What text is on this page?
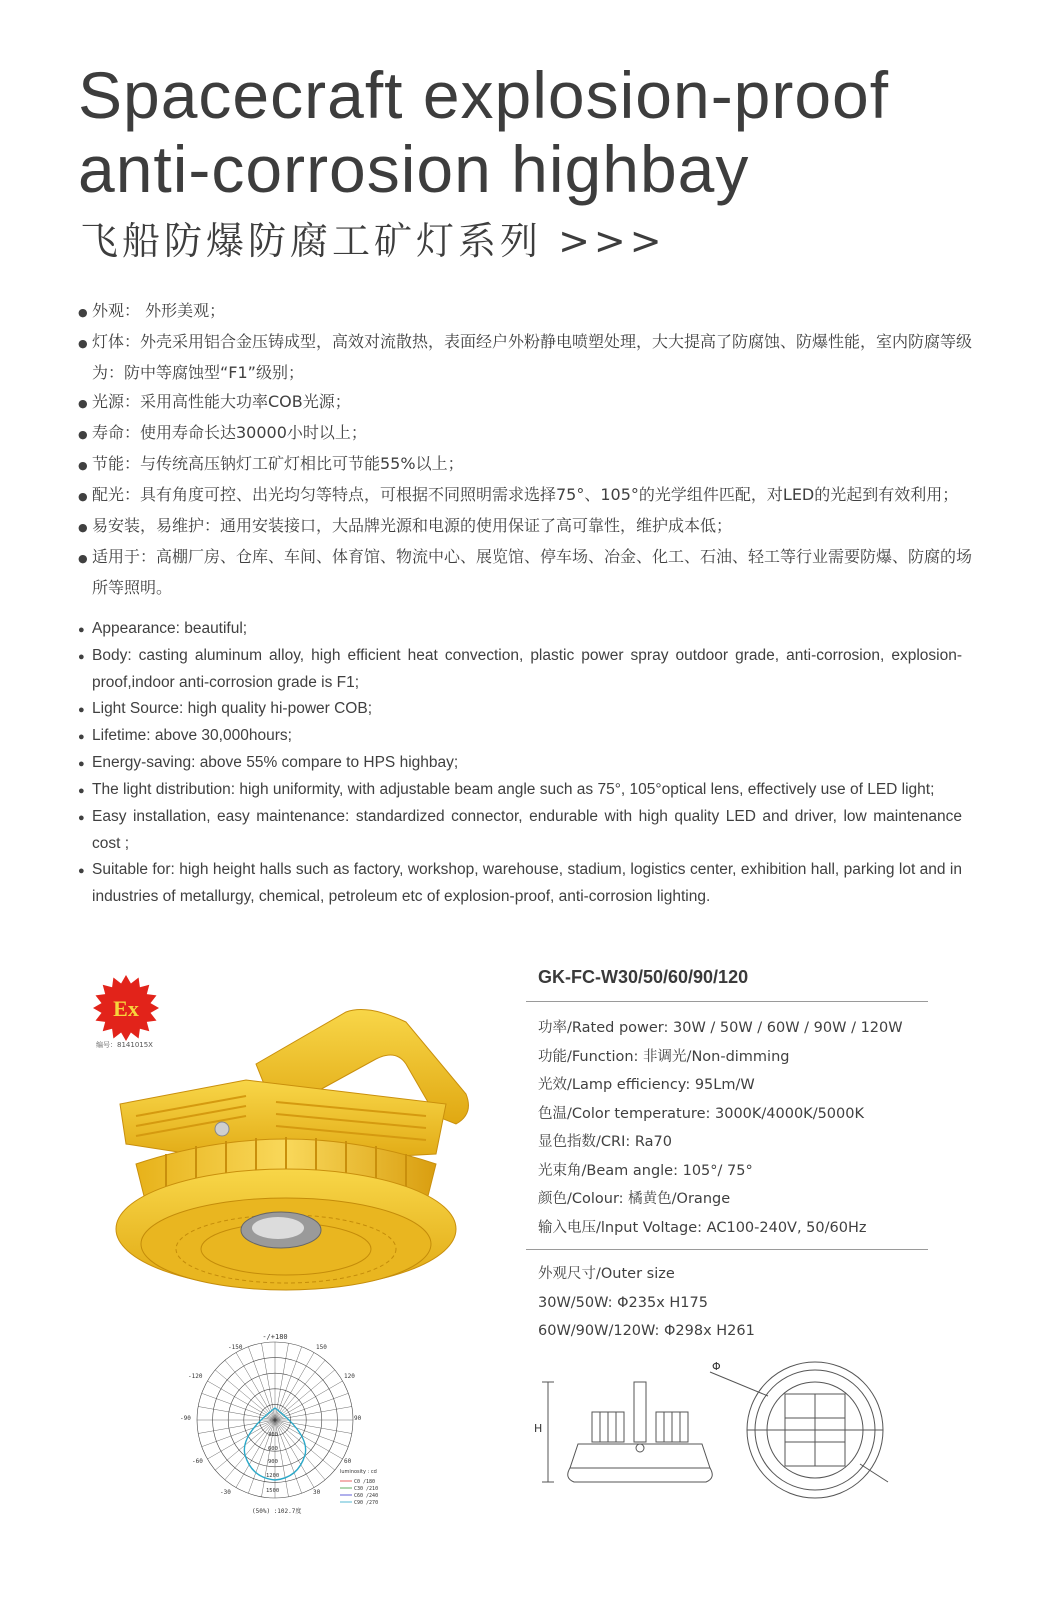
Spacecraft explosion-proof
anti-corrosion highbay
飞船防爆防腐工矿灯系列 >>>
● 外观： 外形美观；
● 灯体：外壳采用铝合金压铸成型，高效对流散热，表面经户外粉静电喷塑处理，大大提高了防腐蚀、防爆性能，室内防腐等级为：防中等腐蚀型“F1”级别；
● 光源：采用高性能大功率COB光源；
● 寿命：使用寿命长达30000小时以上；
● 节能：与传统高压钠灯工矿灯相比可节能55%以上；
● 配光：具有角度可控、出光均匀等特点，可根据不同照明需求选择75°、105°的光学组件匹配，对LED的光起到有效利用；
● 易安装，易维护：通用安装接口，大品牌光源和电源的使用保证了高可靠性，维护成本低；
● 适用于：高棚厂房、仓库、车间、体育馆、物流中心、展览馆、停车场、冶金、化工、石油、轻工等行业需要防爆、防腐的场所等照明。
● Appearance: beautiful;
● Body: casting aluminum alloy, high efficient heat convection, plastic power spray outdoor grade, anti-corrosion, explosion-proof,indoor anti-corrosion grade is F1;
● Light Source: high quality hi-power COB;
● Lifetime: above 30,000hours;
● Energy-saving: above 55% compare to HPS highbay;
● The light distribution: high uniformity, with adjustable beam angle such as 75°, 105°optical lens, effectively use of LED light;
● Easy installation, easy maintenance: standardized connector, endurable with high quality LED and driver, low maintenance cost ;
● Suitable for: high height halls such as factory, workshop, warehouse, stadium, logistics center, exhibition hall, parking lot and in industries of metallurgy, chemical, petroleum etc of explosion-proof, anti-corrosion lighting.
Ex
编号：8141015X
GK-FC-W30/50/60/90/120
功率/Rated power: 30W / 50W / 60W / 90W / 120W
功能/Function: 非调光/Non-dimming
光效/Lamp efficiency: 95Lm/W
色温/Color temperature: 3000K/4000K/5000K
显色指数/CRI: Ra70
光束角/Beam angle: 105°/ 75°
颜色/Colour: 橘黄色/Orange
输入电压/lnput Voltage: AC100-240V, 50/60Hz
外观尺寸/Outer size
30W/50W: Φ235x H175
60W/90W/120W: Φ298x H261
-/+180
-150	150
-120	120
-90	90
-60	60
-30	30
300
600
900
1200
1500
luminosity : cd
C0 /180
C30 /210
C60 /240
C90 /270
(50%) :102.7度
H
Φ
